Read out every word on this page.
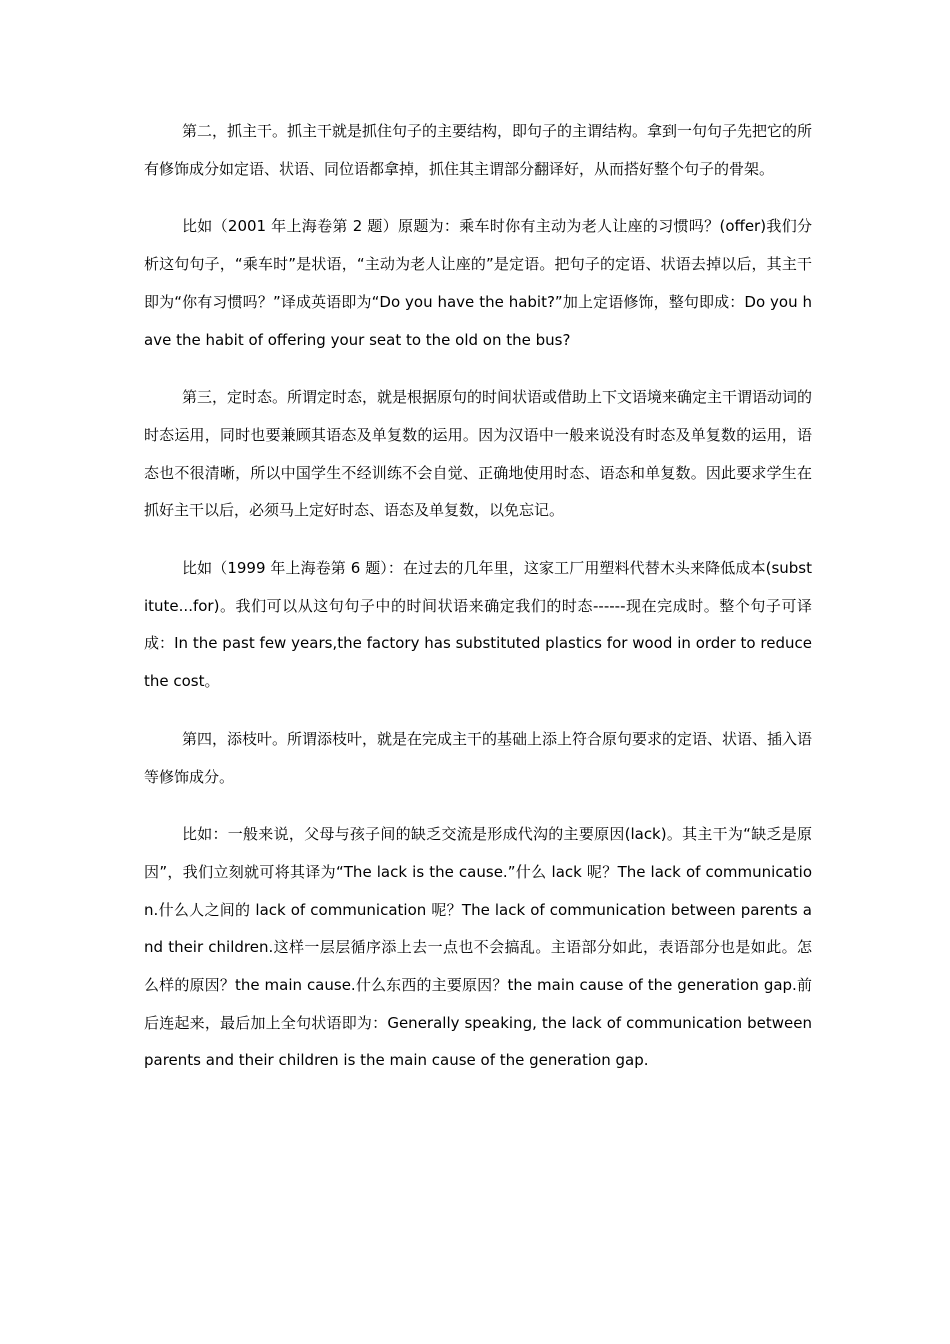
第二，抓主干。抓主干就是抓住句子的主要结构，即句子的主谓结构。拿到一句句子先把它的所有修饰成分如定语、状语、同位语都拿掉，抓住其主谓部分翻译好，从而搭好整个句子的骨架。

比如（2001 年上海卷第 2 题）原题为：乘车时你有主动为老人让座的习惯吗？(offer)我们分析这句句子，“乘车时”是状语，“主动为老人让座的”是定语。把句子的定语、状语去掉以后，其主干即为“你有习惯吗？”译成英语即为“Do you have the habit?”加上定语修饰，整句即成：Do you have the habit of offering your seat to the old on the bus?

第三，定时态。所谓定时态，就是根据原句的时间状语或借助上下文语境来确定主干谓语动词的时态运用，同时也要兼顾其语态及单复数的运用。因为汉语中一般来说没有时态及单复数的运用，语态也不很清晰，所以中国学生不经训练不会自觉、正确地使用时态、语态和单复数。因此要求学生在抓好主干以后，必须马上定好时态、语态及单复数，以免忘记。

比如（1999 年上海卷第 6 题）：在过去的几年里，这家工厂用塑料代替木头来降低成本(substitute...for)。我们可以从这句句子中的时间状语来确定我们的时态------现在完成时。整个句子可译成：In the past few years,the factory has substituted plastics for wood in order to reduce the cost。

第四，添枝叶。所谓添枝叶，就是在完成主干的基础上添上符合原句要求的定语、状语、插入语等修饰成分。

比如：一般来说，父母与孩子间的缺乏交流是形成代沟的主要原因(lack)。其主干为“缺乏是原因”，我们立刻就可将其译为“The lack is the cause.”什么 lack 呢？The lack of communication.什么人之间的 lack of communication 呢？The lack of communication between parents and their children.这样一层层循序添上去一点也不会搞乱。主语部分如此，表语部分也是如此。怎么样的原因？the main cause.什么东西的主要原因？the main cause of the generation gap.前后连起来，最后加上全句状语即为：Generally speaking, the lack of communication between parents and their children is the main cause of the generation gap.
